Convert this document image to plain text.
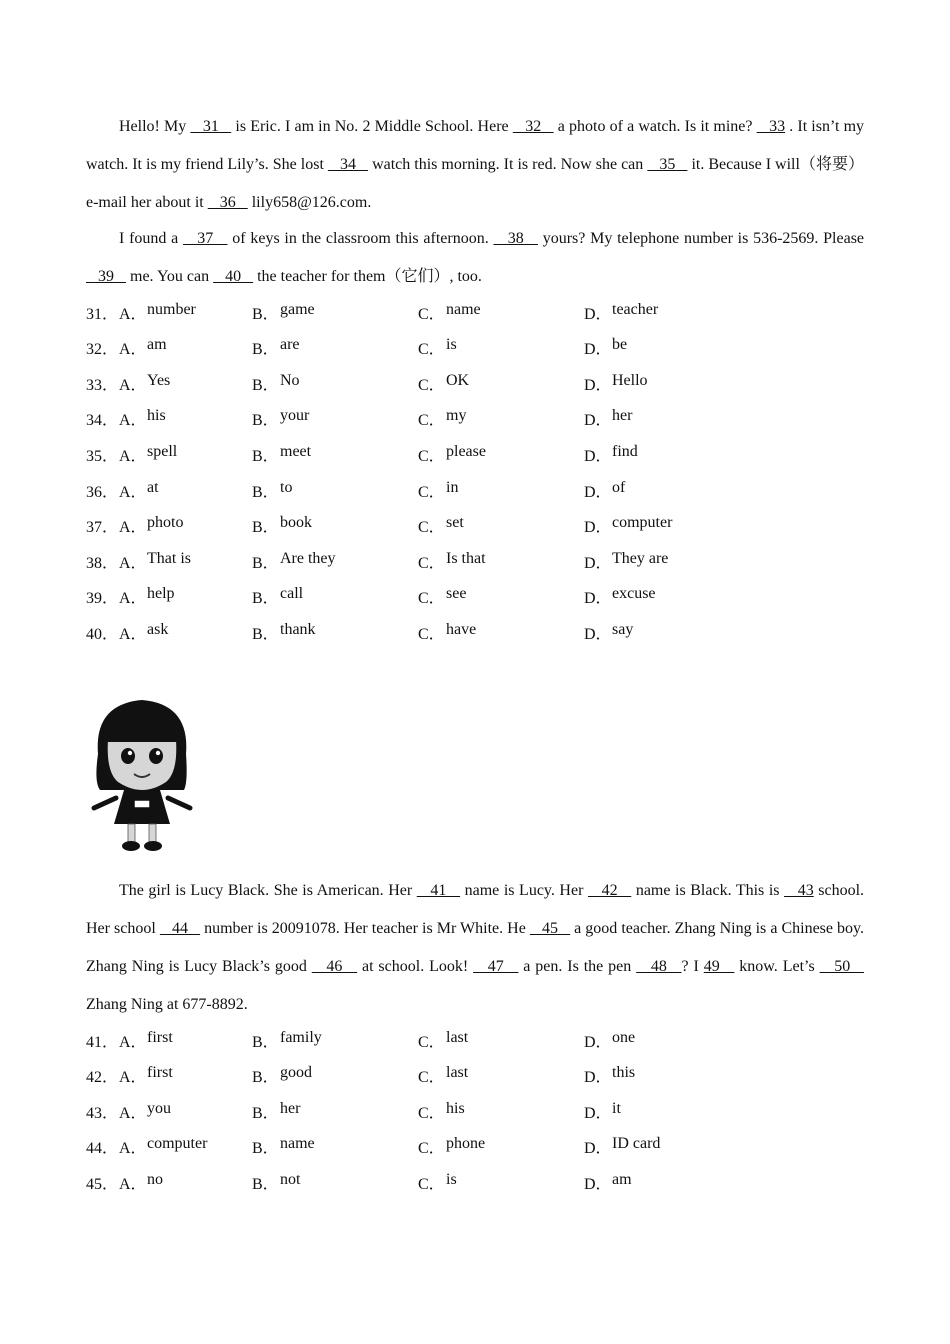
Hello! My    31    is Eric. I am in No. 2 Middle School. Here    32    a photo of a watch. Is it mine?    33 . It isn’t my watch. It is my friend Lily’s. She lost    34    watch this morning. It is red. Now she can    35    it. Because I will（将要）e-mail her about it    36    lily658@126.com.

I found a    37    of keys in the classroom this afternoon.    38    yours? My telephone number is 536-2569. Please    39    me. You can    40    the teacher for them（它们）, too.

31． A． number	B． game	C． name	D． teacher
32． A． am	B． are	C． is	D． be
33． A． Yes	B． No	C． OK	D． Hello
34． A． his	B． your	C． my	D． her
35． A． spell	B． meet	C． please	D． find
36． A． at	B． to	C． in	D． of
37． A． photo	B． book	C． set	D． computer
38． A． That is	B． Are they	C． Is that	D． They are
39． A． help	B． call	C． see	D． excuse
40． A． ask	B． thank	C． have	D． say

The girl is Lucy Black. She is American. Her    41    name is Lucy. Her    42    name is Black. This is    43 school. Her school    44    number is 20091078. Her teacher is Mr White. He    45    a good teacher. Zhang Ning is a Chinese boy. Zhang Ning is Lucy Black’s good    46    at school. Look!    47    a pen. Is the pen    48   ? I 49    know. Let’s    50    Zhang Ning at 677-8892.

41． A． first	B． family	C． last	D． one
42． A． first	B． good	C． last	D． this
43． A． you	B． her	C． his	D． it
44． A． computer	B． name	C． phone	D． ID card
45． A． no	B． not	C． is	D． am
